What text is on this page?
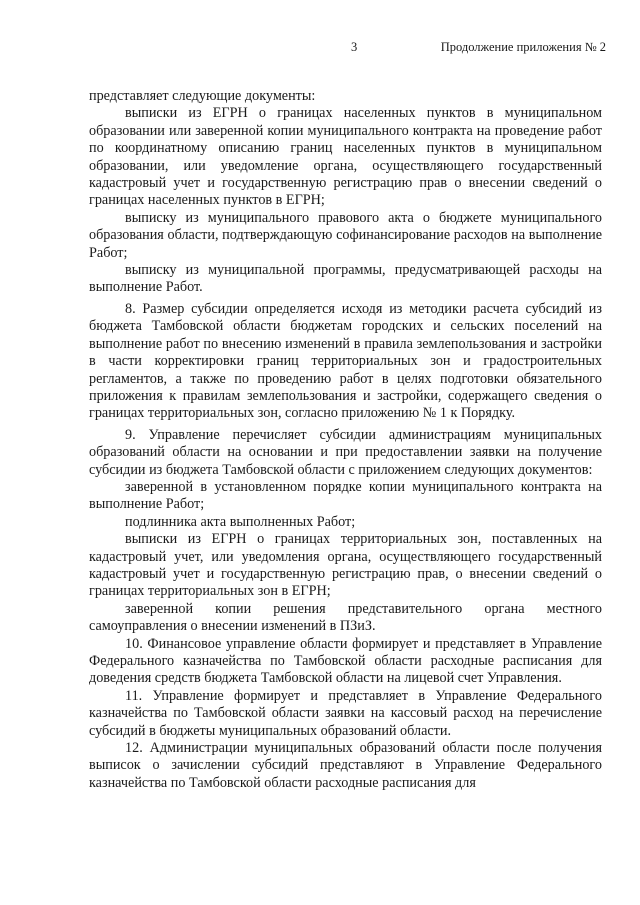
3	Продолжение приложения № 2

представляет следующие документы:

выписки из ЕГРН о границах населенных пунктов в муниципальном образовании или заверенной копии муниципального контракта на проведение работ по координатному описанию границ населенных пунктов в муниципальном образовании, или уведомление органа, осуществляющего государственный кадастровый учет и государственную регистрацию прав о внесении сведений о границах населенных пунктов в ЕГРН;

выписку из муниципального правового акта о бюджете муниципального образования области, подтверждающую софинансирование расходов на выполнение Работ;

выписку из муниципальной программы, предусматривающей расходы на выполнение Работ.

8. Размер субсидии определяется исходя из методики расчета субсидий из бюджета Тамбовской области бюджетам городских и сельских поселений на выполнение работ по внесению изменений в правила землепользования и застройки в части корректировки границ территориальных зон и градостроительных регламентов, а также по проведению работ в целях подготовки обязательного приложения к правилам землепользования и застройки, содержащего сведения о границах территориальных зон, согласно приложению № 1 к Порядку.

9. Управление перечисляет субсидии администрациям муниципальных образований области на основании и при предоставлении заявки на получение субсидии из бюджета Тамбовской области с приложением следующих документов:

заверенной в установленном порядке копии муниципального контракта на выполнение Работ;

подлинника акта выполненных Работ;

выписки из ЕГРН о границах территориальных зон, поставленных на кадастровый учет, или уведомления органа, осуществляющего государственный кадастровый учет и государственную регистрацию прав, о внесении сведений о границах территориальных зон в ЕГРН;

заверенной копии решения представительного органа местного самоуправления о внесении изменений в ПЗиЗ.

10. Финансовое управление области формирует и представляет в Управление Федерального казначейства по Тамбовской области расходные расписания для доведения средств бюджета Тамбовской области на лицевой счет Управления.

11. Управление формирует и представляет в Управление Федерального казначейства по Тамбовской области заявки на кассовый расход на перечисление субсидий в бюджеты муниципальных образований области.

12. Администрации муниципальных образований области после получения выписок о зачислении субсидий представляют в Управление Федерального казначейства по Тамбовской области расходные расписания для
